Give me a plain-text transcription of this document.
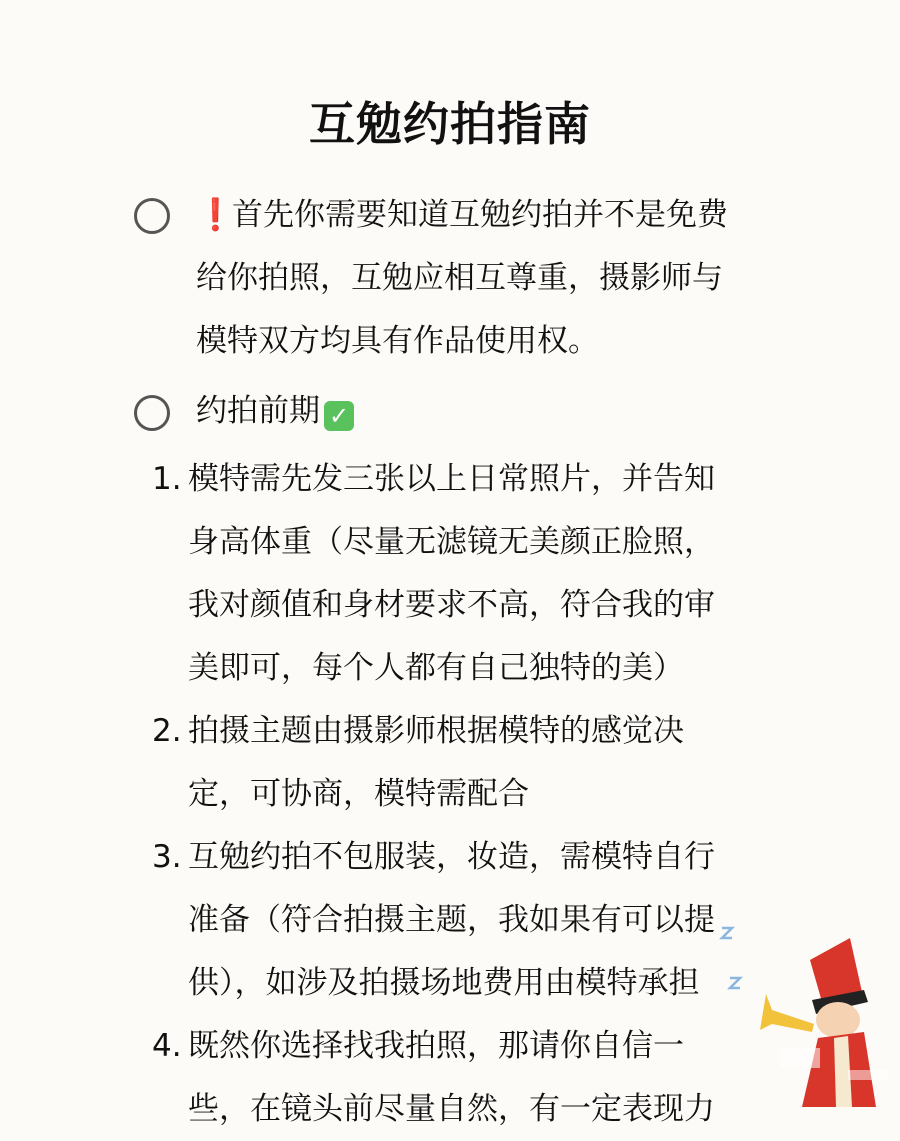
互勉约拍指南
❗首先你需要知道互勉约拍并不是免费
给你拍照，互勉应相互尊重，摄影师与
模特双方均具有作品使用权。
约拍前期 ✓
1. 模特需先发三张以上日常照片，并告知
身高体重（尽量无滤镜无美颜正脸照，
我对颜值和身材要求不高，符合我的审
美即可，每个人都有自己独特的美）
2. 拍摄主题由摄影师根据模特的感觉决
定，可协商，模特需配合
3. 互勉约拍不包服装，妆造，需模特自行
准备（符合拍摄主题，我如果有可以提
供），如涉及拍摄场地费用由模特承担
4. 既然你选择找我拍照，那请你自信一
些，在镜头前尽量自然，有一定表现力
